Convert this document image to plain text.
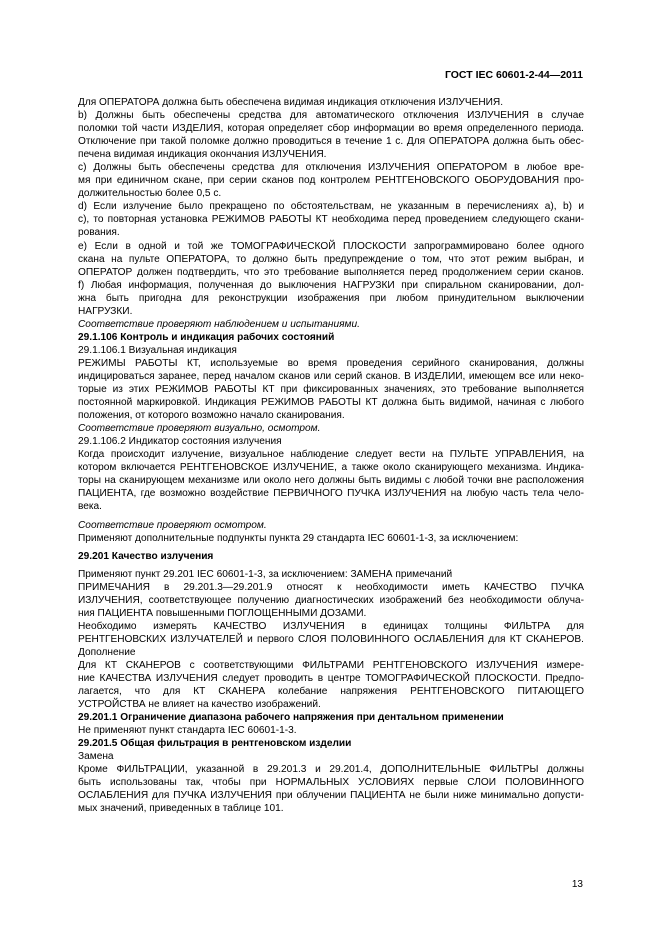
ГОСТ IEC 60601-2-44—2011

Для ОПЕРАТОРА должна быть обеспечена видимая индикация отключения ИЗЛУЧЕНИЯ.

b) Должны быть обеспечены средства для автоматического отключения ИЗЛУЧЕНИЯ в случае

поломки той части ИЗДЕЛИЯ, которая определяет сбор информации во время определенного периода.

Отключение при такой поломке должно проводиться в течение 1 с. Для ОПЕРАТОРА должна быть обес-

печена видимая индикация окончания ИЗЛУЧЕНИЯ.

c) Должны быть обеспечены средства для отключения ИЗЛУЧЕНИЯ ОПЕРАТОРОМ в любое вре-

мя при единичном скане, при серии сканов под контролем РЕНТГЕНОВСКОГО ОБОРУДОВАНИЯ про-

должительностью более 0,5 с.

d) Если излучение было прекращено по обстоятельствам, не указанным в перечислениях а), b) и

с), то повторная установка РЕЖИМОВ РАБОТЫ КТ необходима перед проведением следующего скани-

рования.

e) Если в одной и той же ТОМОГРАФИЧЕСКОЙ ПЛОСКОСТИ запрограммировано более одного

скана на пульте ОПЕРАТОРА, то должно быть предупреждение о том, что этот режим выбран, и

ОПЕРАТОР должен подтвердить, что это требование выполняется перед продолжением серии сканов.

f) Любая информация, полученная до выключения НАГРУЗКИ при спиральном сканировании, дол-

жна быть пригодна для реконструкции изображения при любом принудительном выключении

НАГРУЗКИ.

Соответствие проверяют наблюдением и испытаниями.

29.1.106 Контроль и индикация рабочих состояний

29.1.106.1 Визуальная индикация

РЕЖИМЫ РАБОТЫ КТ, используемые во время проведения серийного сканирования, должны

индицироваться заранее, перед началом сканов или серий сканов. В ИЗДЕЛИИ, имеющем все или неко-

торые из этих РЕЖИМОВ РАБОТЫ КТ при фиксированных значениях, это требование выполняется

постоянной маркировкой. Индикация РЕЖИМОВ РАБОТЫ КТ должна быть видимой, начиная с любого

положения, от которого возможно начало сканирования.

Соответствие проверяют визуально, осмотром.

29.1.106.2 Индикатор состояния излучения

Когда происходит излучение, визуальное наблюдение следует вести на ПУЛЬТЕ УПРАВЛЕНИЯ, на

котором включается РЕНТГЕНОВСКОЕ ИЗЛУЧЕНИЕ, а также около сканирующего механизма. Индика-

торы на сканирующем механизме или около него должны быть видимы с любой точки вне расположения

ПАЦИЕНТА, где возможно воздействие ПЕРВИЧНОГО ПУЧКА ИЗЛУЧЕНИЯ на любую часть тела чело-

века.

Соответствие проверяют осмотром.

Применяют дополнительные подпункты пункта 29 стандарта IEC 60601-1-3, за исключением:

29.201 Качество излучения

Применяют пункт 29.201 IEC 60601-1-3, за исключением: ЗАМЕНА примечаний

ПРИМЕЧАНИЯ в 29.201.3—29.201.9 относят к необходимости иметь КАЧЕСТВО ПУЧКА

ИЗЛУЧЕНИЯ, соответствующее получению диагностических изображений без необходимости облуча-

ния ПАЦИЕНТА повышенными ПОГЛОЩЕННЫМИ ДОЗАМИ.

Необходимо измерять КАЧЕСТВО ИЗЛУЧЕНИЯ в единицах толщины ФИЛЬТРА для

РЕНТГЕНОВСКИХ ИЗЛУЧАТЕЛЕЙ и первого СЛОЯ ПОЛОВИННОГО ОСЛАБЛЕНИЯ для КТ СКАНЕРОВ.

Дополнение

Для КТ СКАНЕРОВ с соответствующими ФИЛЬТРАМИ РЕНТГЕНОВСКОГО ИЗЛУЧЕНИЯ измере-

ние КАЧЕСТВА ИЗЛУЧЕНИЯ следует проводить в центре ТОМОГРАФИЧЕСКОЙ ПЛОСКОСТИ. Предпо-

лагается, что для КТ СКАНЕРА колебание напряжения РЕНТГЕНОВСКОГО ПИТАЮЩЕГО

УСТРОЙСТВА не влияет на качество изображений.

29.201.1 Ограничение диапазона рабочего напряжения при дентальном применении

Не применяют пункт стандарта IEC 60601-1-3.

29.201.5 Общая фильтрация в рентгеновском изделии

Замена

Кроме ФИЛЬТРАЦИИ, указанной в 29.201.3 и 29.201.4, ДОПОЛНИТЕЛЬНЫЕ ФИЛЬТРЫ должны

быть использованы так, чтобы при НОРМАЛЬНЫХ УСЛОВИЯХ первые СЛОИ ПОЛОВИННОГО

ОСЛАБЛЕНИЯ для ПУЧКА ИЗЛУЧЕНИЯ при облучении ПАЦИЕНТА не были ниже минимально допусти-

мых значений, приведенных в таблице 101.

13
